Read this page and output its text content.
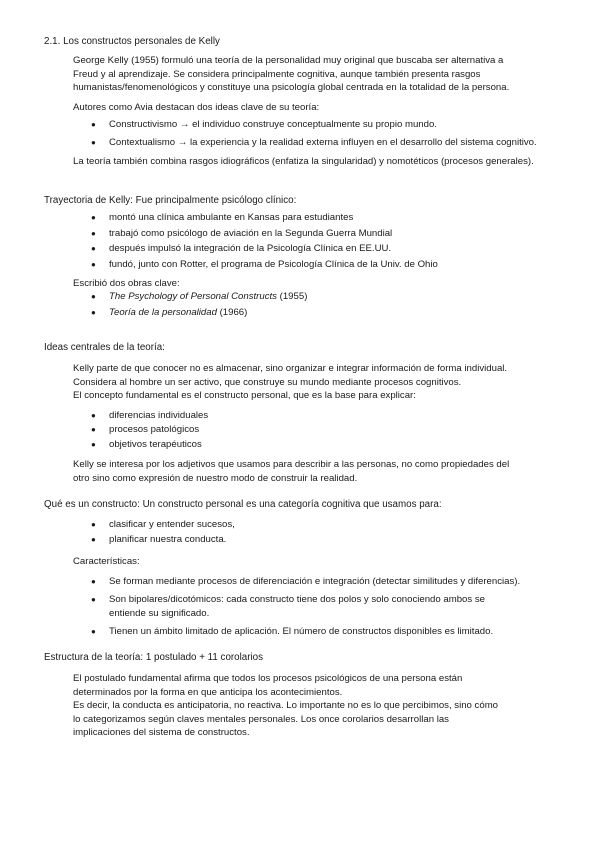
2.1. Los constructos personales de Kelly

George Kelly (1955) formuló una teoría de la personalidad muy original que buscaba ser alternativa a

Freud y al aprendizaje. Se considera principalmente cognitiva, aunque también presenta rasgos

humanistas/fenomenológicos y constituye una psicología global centrada en la totalidad de la persona.

Autores como Avia destacan dos ideas clave de su teoría:

● Constructivismo → el individuo construye conceptualmente su propio mundo.
● Contextualismo → la experiencia y la realidad externa influyen en el desarrollo del sistema cognitivo.

La teoría también combina rasgos idiográficos (enfatiza la singularidad) y nomotéticos (procesos generales).

Trayectoria de Kelly: Fue principalmente psicólogo clínico:

● montó una clínica ambulante en Kansas para estudiantes
● trabajó como psicólogo de aviación en la Segunda Guerra Mundial
● después impulsó la integración de la Psicología Clínica en EE.UU.
● fundó, junto con Rotter, el programa de Psicología Clínica de la Univ. de Ohio

Escribió dos obras clave:

● The Psychology of Personal Constructs (1955)
● Teoría de la personalidad (1966)

Ideas centrales de la teoría:

Kelly parte de que conocer no es almacenar, sino organizar e integrar información de forma individual.

Considera al hombre un ser activo, que construye su mundo mediante procesos cognitivos.

El concepto fundamental es el constructo personal, que es la base para explicar:

● diferencias individuales
● procesos patológicos
● objetivos terapéuticos

Kelly se interesa por los adjetivos que usamos para describir a las personas, no como propiedades del

otro sino como expresión de nuestro modo de construir la realidad.

Qué es un constructo: Un constructo personal es una categoría cognitiva que usamos para:

● clasificar y entender sucesos,
● planificar nuestra conducta.

Características:

● Se forman mediante procesos de diferenciación e integración (detectar similitudes y diferencias).
● Son bipolares/dicotómicos: cada constructo tiene dos polos y solo conociendo ambos se
entiende su significado.
● Tienen un ámbito limitado de aplicación. El número de constructos disponibles es limitado.

Estructura de la teoría: 1 postulado + 11 corolarios

El postulado fundamental afirma que todos los procesos psicológicos de una persona están

determinados por la forma en que anticipa los acontecimientos.

Es decir, la conducta es anticipatoria, no reactiva. Lo importante no es lo que percibimos, sino cómo

lo categorizamos según claves mentales personales. Los once corolarios desarrollan las

implicaciones del sistema de constructos.
